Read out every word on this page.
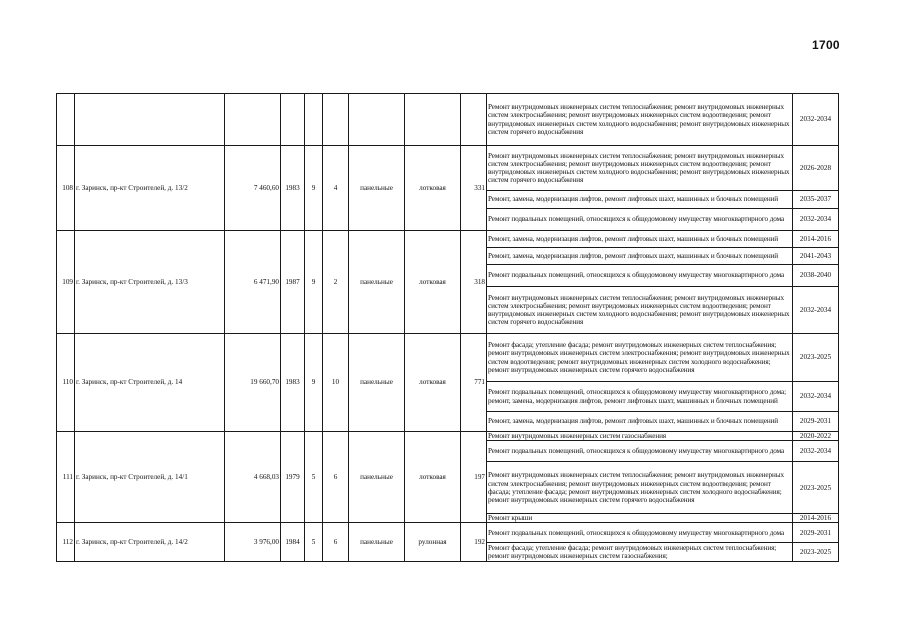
1700
									Ремонт внутридомовых инженерных систем теплоснабжения; ремонт внутридомовых инженерных систем электроснабжения; ремонт внутридомовых инженерных систем водоотведения; ремонт внутридомовых инженерных систем холодного водоснабжения; ремонт внутридомовых инженерных систем горячего водоснабжения	2032-2034
108	г. Заринск, пр-кт Строителей, д. 13/2	7 460,60	1983	9	4	панельные	лотковая	331	Ремонт внутридомовых инженерных систем теплоснабжения; ремонт внутридомовых инженерных систем электроснабжения; ремонт внутридомовых инженерных систем водоотведения; ремонт внутридомовых инженерных систем холодного водоснабжения; ремонт внутридомовых инженерных систем горячего водоснабжения	2026-2028
									Ремонт, замена, модернизация лифтов, ремонт лифтовых шахт, машинных и блочных помещений	2035-2037
									Ремонт подвальных помещений, относящихся к общедомовому имуществу многоквартирного дома	2032-2034
109	г. Заринск, пр-кт Строителей, д. 13/3	6 471,90	1987	9	2	панельные	лотковая	318	Ремонт, замена, модернизация лифтов, ремонт лифтовых шахт, машинных и блочных помещений	2014-2016
									Ремонт, замена, модернизация лифтов, ремонт лифтовых шахт, машинных и блочных помещений	2041-2043
									Ремонт подвальных помещений, относящихся к общедомовому имуществу многоквартирного дома	2038-2040
									Ремонт внутридомовых инженерных систем теплоснабжения; ремонт внутридомовых инженерных систем электроснабжения; ремонт внутридомовых инженерных систем водоотведения; ремонт внутридомовых инженерных систем холодного водоснабжения; ремонт внутридомовых инженерных систем горячего водоснабжения	2032-2034
110	г. Заринск, пр-кт Строителей, д. 14	19 660,70	1983	9	10	панельные	лотковая	771	Ремонт фасада; утепление фасада; ремонт внутридомовых инженерных систем теплоснабжения; ремонт внутридомовых инженерных систем электроснабжения; ремонт внутридомовых инженерных систем водоотведения; ремонт внутридомовых инженерных систем холодного водоснабжения; ремонт внутридомовых инженерных систем горячего водоснабжения	2023-2025
									Ремонт подвальных помещений, относящихся к общедомовому имуществу многоквартирного дома; ремонт, замена, модернизация лифтов, ремонт лифтовых шахт, машинных и блочных помещений	2032-2034
									Ремонт, замена, модернизация лифтов, ремонт лифтовых шахт, машинных и блочных помещений	2029-2031
111	г. Заринск, пр-кт Строителей, д. 14/1	4 668,03	1979	5	6	панельные	лотковая	197	Ремонт внутридомовых инженерных систем газоснабжения	2020-2022
									Ремонт подвальных помещений, относящихся к общедомовому имуществу многоквартирного дома	2032-2034
									Ремонт внутридомовых инженерных систем теплоснабжения; ремонт внутридомовых инженерных систем электроснабжения; ремонт внутридомовых инженерных систем водоотведения; ремонт фасада; утепление фасада; ремонт внутридомовых инженерных систем холодного водоснабжения; ремонт внутридомовых инженерных систем горячего водоснабжения	2023-2025
									Ремонт крыши	2014-2016
112	г. Заринск, пр-кт Строителей, д. 14/2	3 976,00	1984	5	6	панельные	рулонная	192	Ремонт подвальных помещений, относящихся к общедомовому имуществу многоквартирного дома	2029-2031
									Ремонт фасада; утепление фасада; ремонт внутридомовых инженерных систем теплоснабжения; ремонт внутридомовых инженерных систем газоснабжения;	2023-2025
